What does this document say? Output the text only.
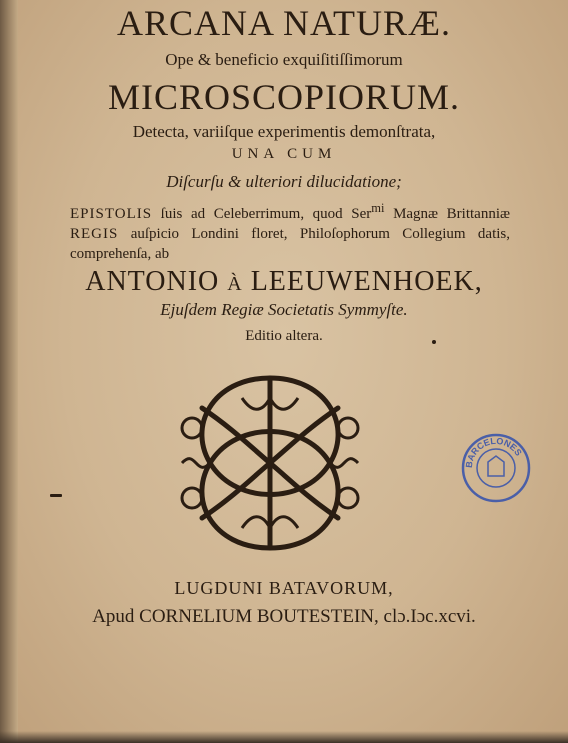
ARCANA NATURÆ.
Ope & beneficio exquiſitiſſimorum
MICROSCOPIORUM.
Detecta, variiſque experimentis demonſtrata,
UNA CUM
Diſcurſu & ulteriori dilucidatione;
EPISTOLIS ſuis ad Celeberrimum, quod Ser$^{mi}$ Magnæ Brittanniæ REGIS auſpicio Londini floret, Philoſophorum Collegium datis, comprehenſa, ab
ANTONIO à LEEUWENHOEK,
Ejuſdem Regiæ Societatis Symmyſte.
Editio altera.
BARCELONES
LUGDUNI BATAVORUM,
Apud CORNELIUM BOUTESTEIN, clɔ.Iɔc.xcvi.
